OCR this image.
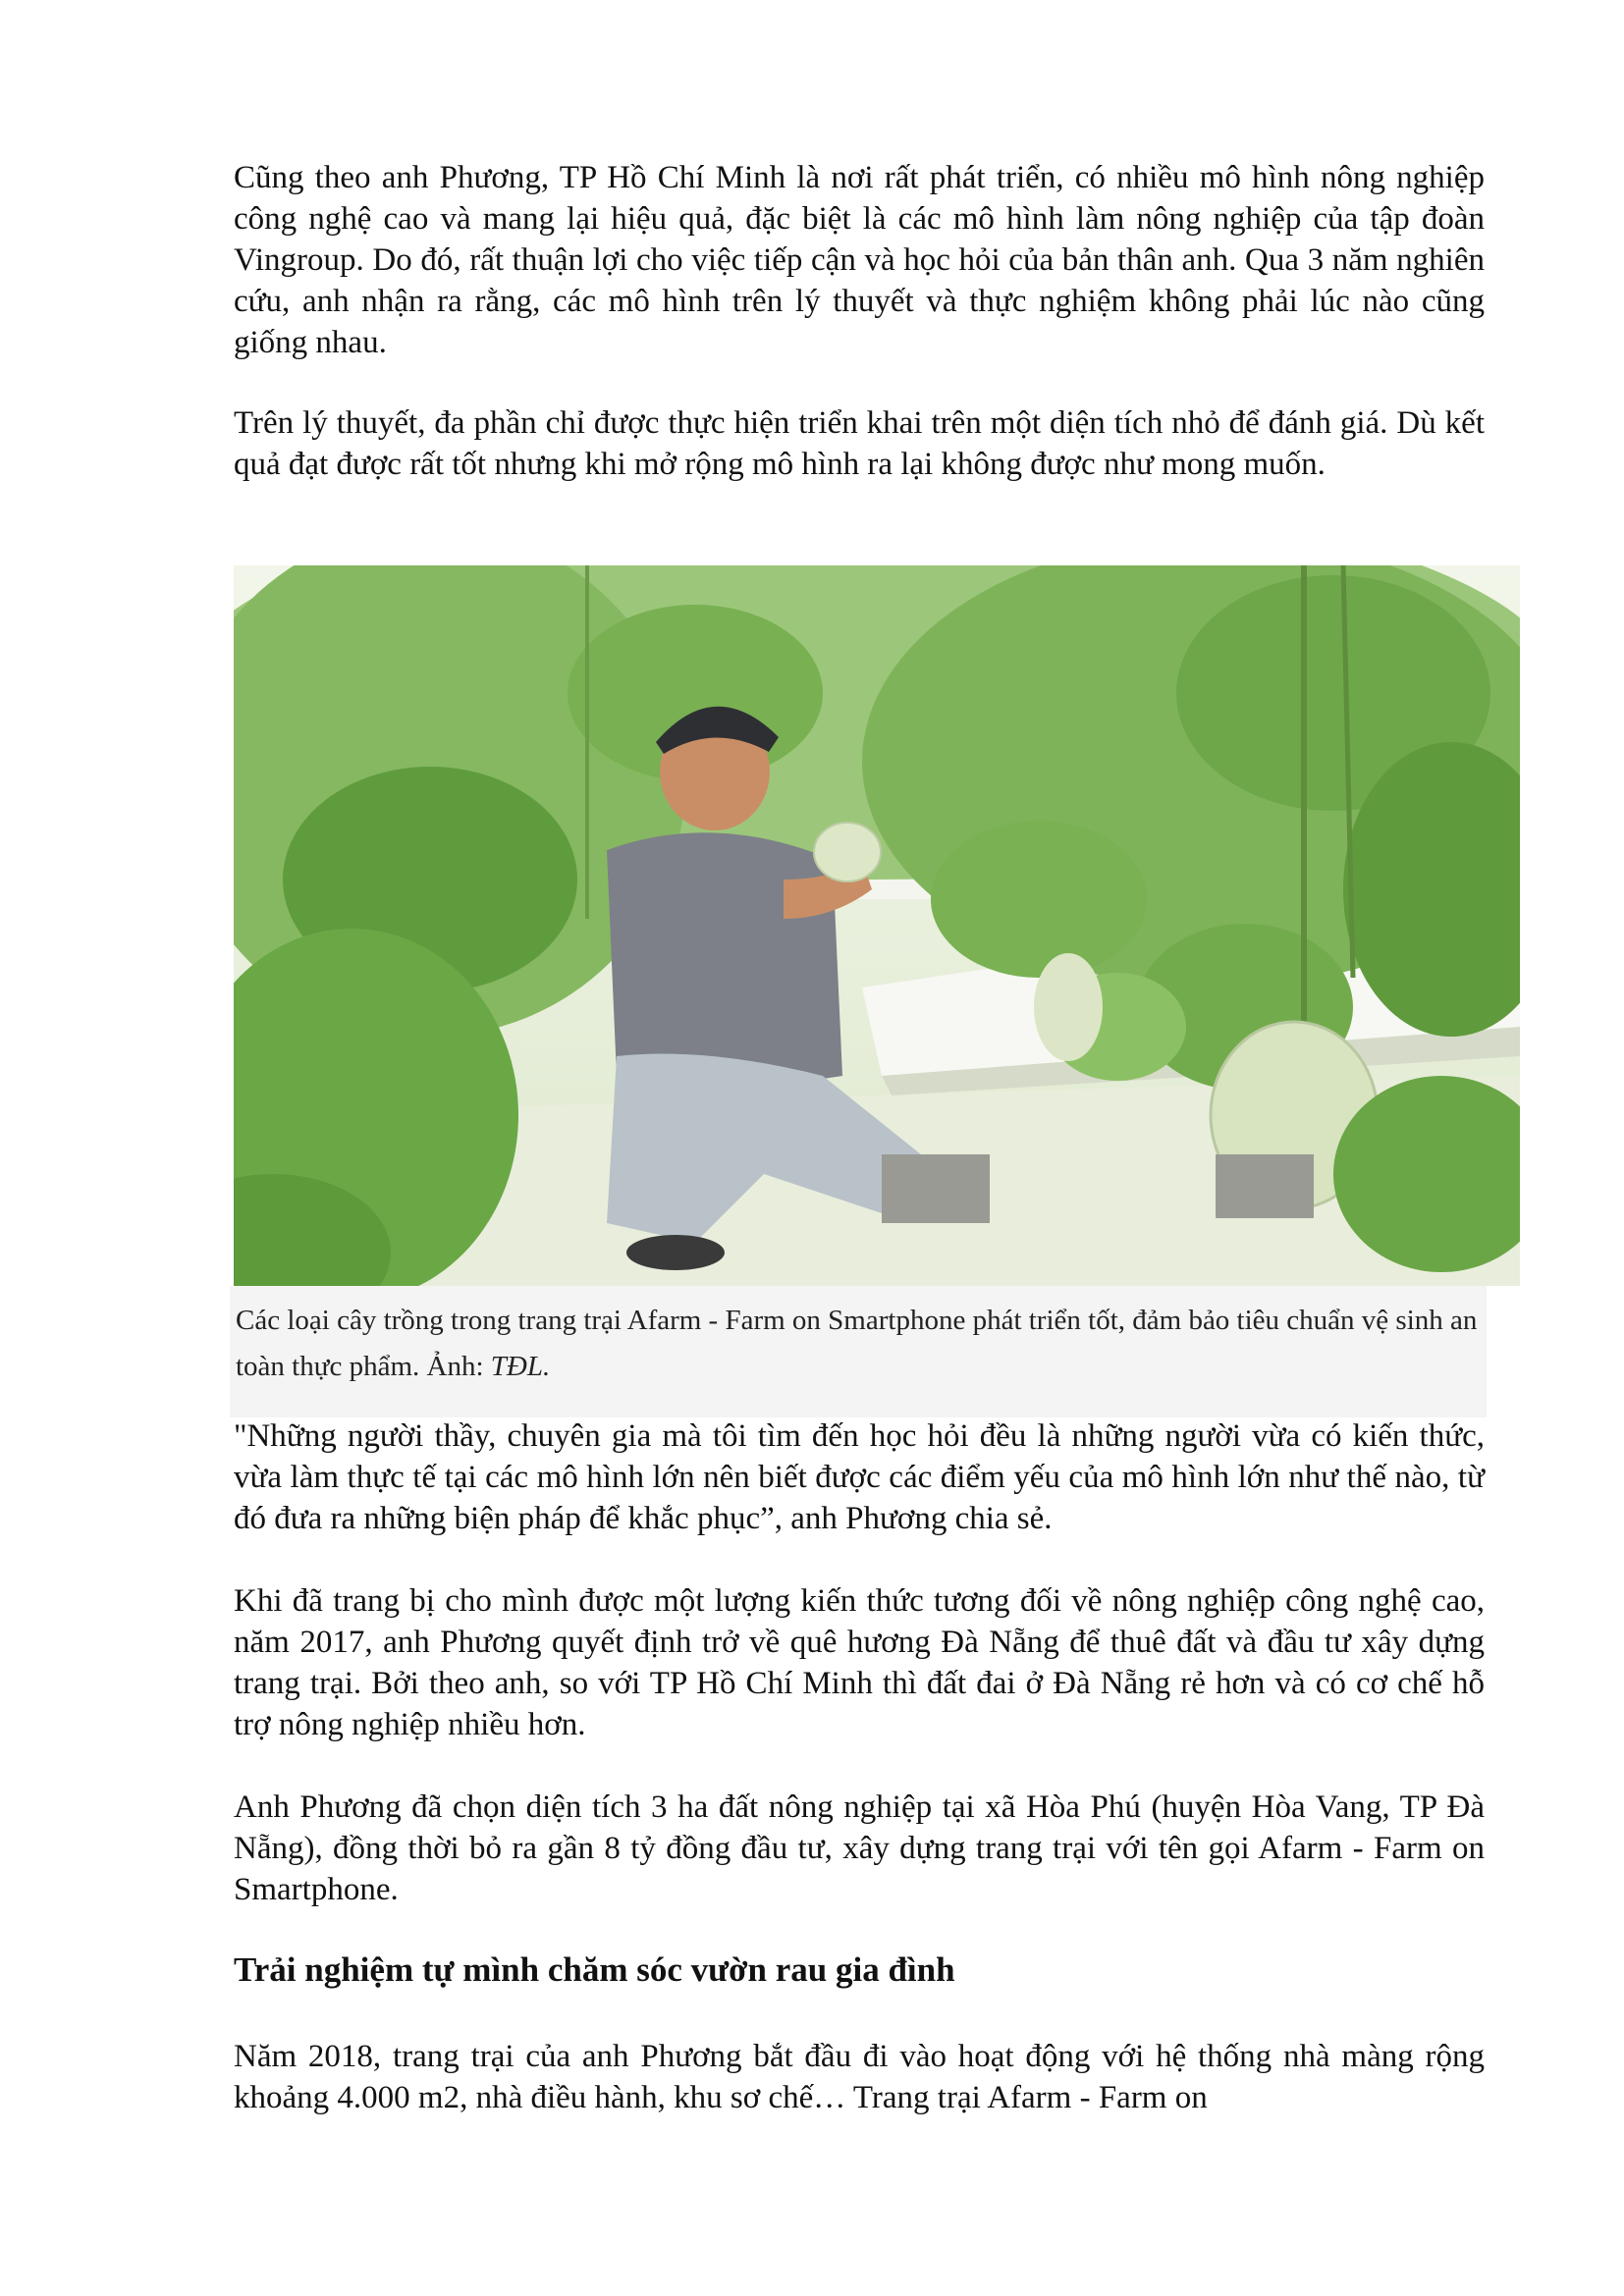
Cũng theo anh Phương, TP Hồ Chí Minh là nơi rất phát triển, có nhiều mô hình nông nghiệp công nghệ cao và mang lại hiệu quả, đặc biệt là các mô hình làm nông nghiệp của tập đoàn Vingroup. Do đó, rất thuận lợi cho việc tiếp cận và học hỏi của bản thân anh. Qua 3 năm nghiên cứu, anh nhận ra rằng, các mô hình trên lý thuyết và thực nghiệm không phải lúc nào cũng giống nhau.

Trên lý thuyết, đa phần chỉ được thực hiện triển khai trên một diện tích nhỏ để đánh giá. Dù kết quả đạt được rất tốt nhưng khi mở rộng mô hình ra lại không được như mong muốn.

Các loại cây trồng trong trang trại Afarm - Farm on Smartphone phát triển tốt, đảm bảo tiêu chuẩn vệ sinh an toàn thực phẩm. Ảnh: TĐL.

"Những người thầy, chuyên gia mà tôi tìm đến học hỏi đều là những người vừa có kiến thức, vừa làm thực tế tại các mô hình lớn nên biết được các điểm yếu của mô hình lớn như thế nào, từ đó đưa ra những biện pháp để khắc phục”, anh Phương chia sẻ.

Khi đã trang bị cho mình được một lượng kiến thức tương đối về nông nghiệp công nghệ cao, năm 2017, anh Phương quyết định trở về quê hương Đà Nẵng để thuê đất và đầu tư xây dựng trang trại. Bởi theo anh, so với TP Hồ Chí Minh thì đất đai ở Đà Nẵng rẻ hơn và có cơ chế hỗ trợ nông nghiệp nhiều hơn.

Anh Phương đã chọn diện tích 3 ha đất nông nghiệp tại xã Hòa Phú (huyện Hòa Vang, TP Đà Nẵng), đồng thời bỏ ra gần 8 tỷ đồng đầu tư, xây dựng trang trại với tên gọi Afarm - Farm on Smartphone.

Trải nghiệm tự mình chăm sóc vườn rau gia đình

Năm 2018, trang trại của anh Phương bắt đầu đi vào hoạt động với hệ thống nhà màng rộng khoảng 4.000 m2, nhà điều hành, khu sơ chế… Trang trại Afarm - Farm on
